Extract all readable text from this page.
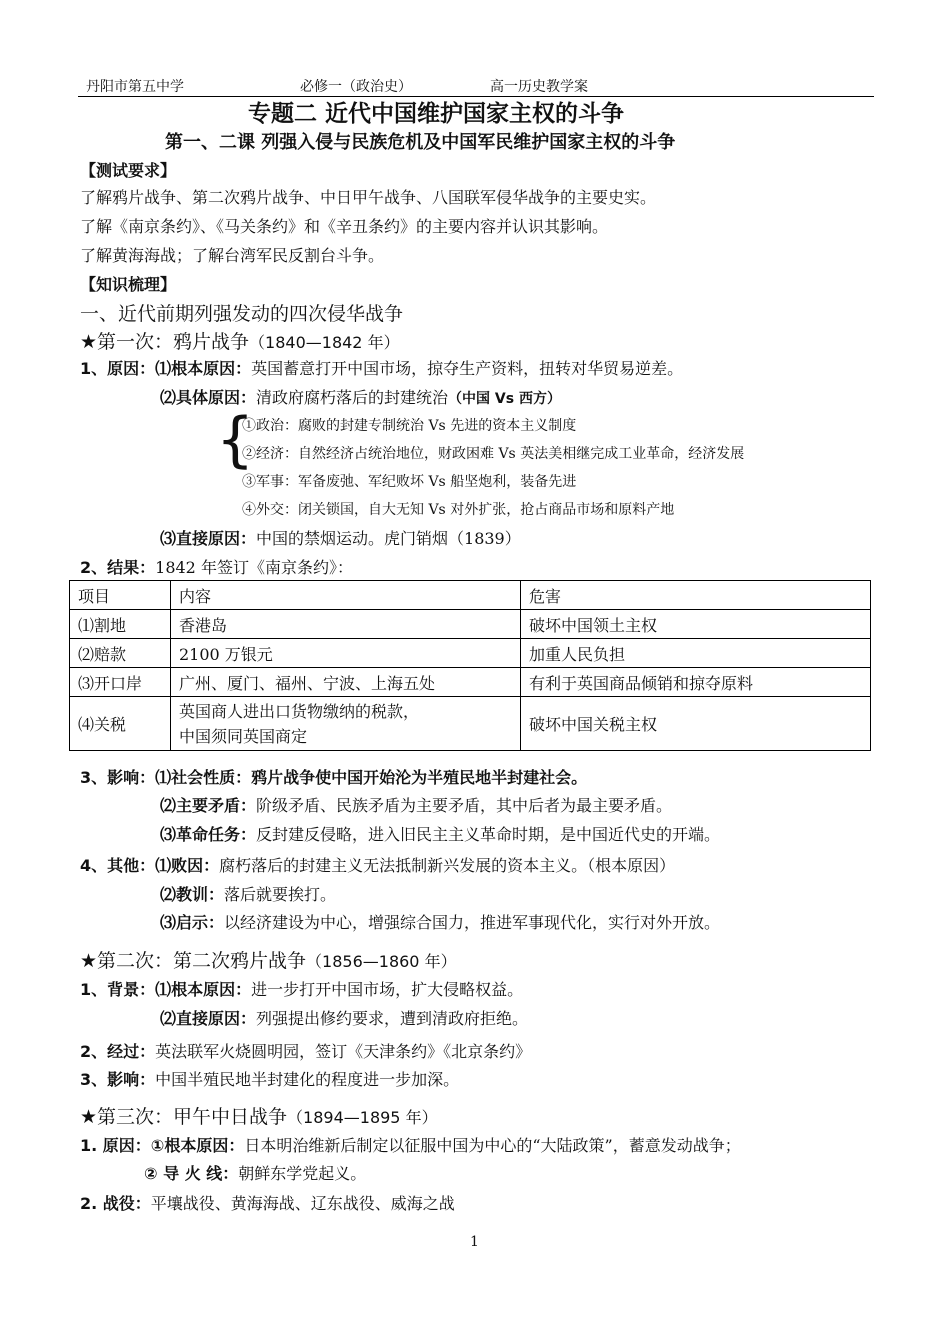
丹阳市第五中学	必修一（政治史）	高一历史教学案
专题二 近代中国维护国家主权的斗争
第一、二课 列强入侵与民族危机及中国军民维护国家主权的斗争
【测试要求】
了解鸦片战争、第二次鸦片战争、中日甲午战争、八国联军侵华战争的主要史实。
了解《南京条约》、《马关条约》和《辛丑条约》的主要内容并认识其影响。
了解黄海海战；了解台湾军民反割台斗争。
【知识梳理】
一、近代前期列强发动的四次侵华战争
★第一次：鸦片战争（1840—1842 年）
1、原因：⑴根本原因：英国蓄意打开中国市场，掠夺生产资料，扭转对华贸易逆差。
⑵具体原因：清政府腐朽落后的封建统治（中国 Vs 西方）
{
①政治：腐败的封建专制统治 Vs 先进的资本主义制度
②经济：自然经济占统治地位，财政困难 Vs 英法美相继完成工业革命，经济发展
③军事：军备废弛、军纪败坏 Vs 船坚炮利，装备先进
④外交：闭关锁国，自大无知 Vs 对外扩张，抢占商品市场和原料产地
⑶直接原因：中国的禁烟运动。虎门销烟（1839）
2、结果：1842 年签订《南京条约》：
项目	内容	危害
⑴割地	香港岛	破坏中国领土主权
⑵赔款	2100 万银元	加重人民负担
⑶开口岸	广州、厦门、福州、宁波、上海五处	有利于英国商品倾销和掠夺原料
⑷关税	英国商人进出口货物缴纳的税款，
中国须同英国商定	破坏中国关税主权
3、影响：⑴社会性质：鸦片战争使中国开始沦为半殖民地半封建社会。
⑵主要矛盾：阶级矛盾、民族矛盾为主要矛盾，其中后者为最主要矛盾。
⑶革命任务：反封建反侵略，进入旧民主主义革命时期，是中国近代史的开端。
4、其他：⑴败因：腐朽落后的封建主义无法抵制新兴发展的资本主义。（根本原因）
⑵教训：落后就要挨打。
⑶启示：以经济建设为中心，增强综合国力，推进军事现代化，实行对外开放。
★第二次：第二次鸦片战争（1856—1860 年）
1、背景：⑴根本原因：进一步打开中国市场，扩大侵略权益。
⑵直接原因：列强提出修约要求，遭到清政府拒绝。
2、经过：英法联军火烧圆明园，签订《天津条约》《北京条约》
3、影响：中国半殖民地半封建化的程度进一步加深。
★第三次：甲午中日战争（1894—1895 年）
1. 原因：①根本原因：日本明治维新后制定以征服中国为中心的“大陆政策”，蓄意发动战争；
② 导 火 线：朝鲜东学党起义。
2. 战役：平壤战役、黄海海战、辽东战役、威海之战
1
